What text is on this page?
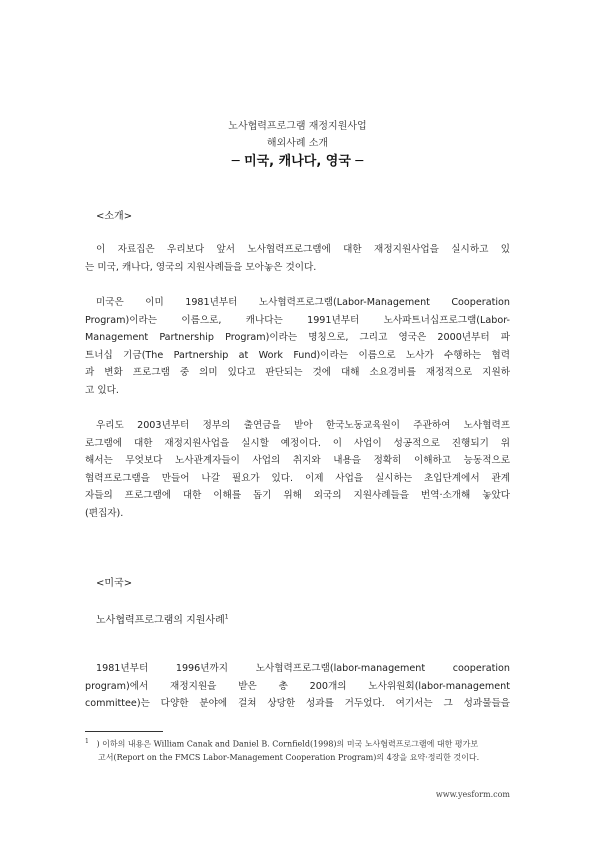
노사협력프로그램 재정지원사업
해외사례 소개
─ 미국, 캐나다, 영국 ─
<소개>
이 자료집은 우리보다 앞서 노사협력프로그램에 대한 재정지원사업을 실시하고 있
는 미국, 캐나다, 영국의 지원사례들을 모아놓은 것이다.
미국은 이미 1981년부터 노사협력프로그램(Labor-Management Cooperation
Program)이라는 이름으로, 캐나다는 1991년부터 노사파트너십프로그램(Labor-
Management Partnership Program)이라는 명칭으로, 그리고 영국은 2000년부터 파
트너십 기금(The Partnership at Work Fund)이라는 이름으로 노사가 수행하는 협력
과 변화 프로그램 중 의미 있다고 판단되는 것에 대해 소요경비를 재정적으로 지원하
고 있다.
우리도 2003년부터 정부의 출연금을 받아 한국노동교육원이 주관하여 노사협력프
로그램에 대한 재정지원사업을 실시할 예정이다. 이 사업이 성공적으로 진행되기 위
해서는 무엇보다 노사관계자들이 사업의 취지와 내용을 정확히 이해하고 능동적으로
협력프로그램을 만들어 나갈 필요가 있다. 이제 사업을 실시하는 초입단계에서 관계
자들의 프로그램에 대한 이해를 돕기 위해 외국의 지원사례들을 번역·소개해 놓았다
(편집자).
<미국>
노사협력프로그램의 지원사례$^1$
1981년부터 1996년까지 노사협력프로그램(labor-management cooperation
program)에서 재정지원을 받은 총 200개의 노사위원회(labor-management
committee)는 다양한 분야에 걸쳐 상당한 성과를 거두었다. 여기서는 그 성과물들을
$^1$ ) 이하의 내용은 William Canak and Daniel B. Cornfield(1998)의 미국 노사협력프로그램에 대한 평가보
고서(Report on the FMCS Labor-Management Cooperation Program)의 4장을 요약·정리한 것이다.
www.yesform.com
